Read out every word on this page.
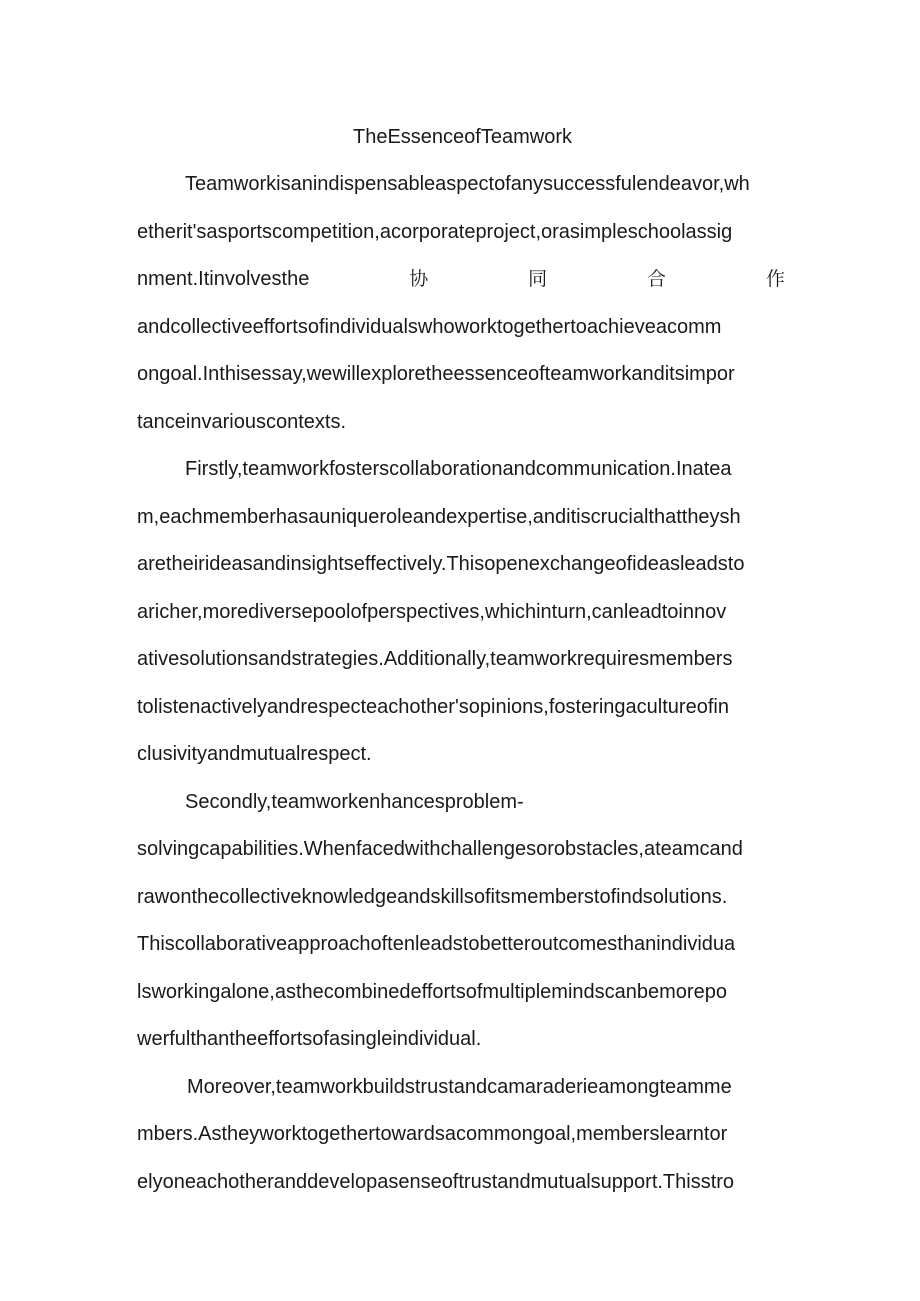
TheEssenceofTeamwork
Teamworkisanindispensableaspectofanysuccessfulendeavor,wh
etherit'sasportscompetition,acorporateproject,orasimpleschoolassig
nment.Itinvolvesthe	协	同	合	作
andcollectiveeffortsofindividualswhoworktogethertoachieveacomm
ongoal.Inthisessay,wewillexploretheessenceofteamworkanditsimpor
tanceinvariouscontexts.
Firstly,teamworkfosterscollaborationandcommunication.Inatea
m,eachmemberhasauniqueroleandexpertise,anditiscrucialthattheysh
aretheirideasandinsightseffectively.Thisopenexchangeofideasleadsto
aricher,morediversepoolofperspectives,whichinturn,canleadtoinnov
ativesolutionsandstrategies.Additionally,teamworkrequiresmembers
tolistenactivelyandrespecteachother'sopinions,fosteringacultureofin
clusivityandmutualrespect.
Secondly,teamworkenhancesproblem-
solvingcapabilities.Whenfacedwithchallengesorobstacles,ateamcand
rawonthecollectiveknowledgeandskillsofitsmemberstofindsolutions.
Thiscollaborativeapproachoftenleadstobetteroutcomesthanindividua
lsworkingalone,asthecombinedeffortsofmultiplemindscanbemorepo
werfulthantheeffortsofasingleindividual.
Moreover,teamworkbuildstrustandcamaraderieamongteamme
mbers.Astheyworktogethertowardsacommongoal,memberslearntor
elyoneachotheranddevelopasenseoftrustandmutualsupport.Thisstro
